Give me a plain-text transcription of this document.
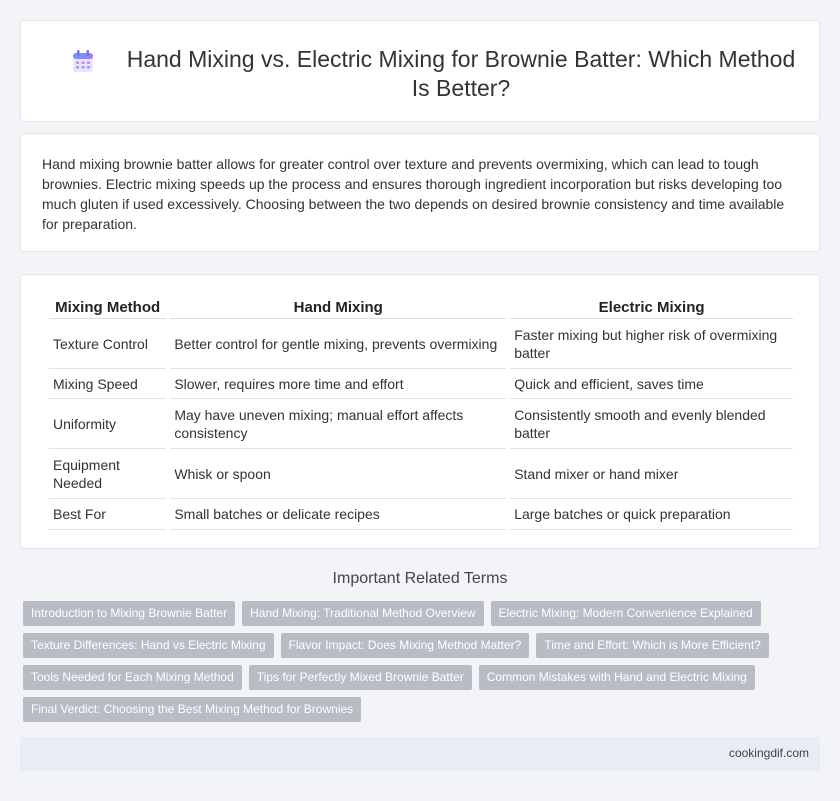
Hand Mixing vs. Electric Mixing for Brownie Batter: Which Method Is Better?

Hand mixing brownie batter allows for greater control over texture and prevents overmixing, which can lead to tough brownies. Electric mixing speeds up the process and ensures thorough ingredient incorporation but risks developing too much gluten if used excessively. Choosing between the two depends on desired brownie consistency and time available for preparation.

Mixing Method	Hand Mixing	Electric Mixing
Texture Control	Better control for gentle mixing, prevents overmixing	Faster mixing but higher risk of overmixing batter
Mixing Speed	Slower, requires more time and effort	Quick and efficient, saves time
Uniformity	May have uneven mixing; manual effort affects consistency	Consistently smooth and evenly blended batter
Equipment Needed	Whisk or spoon	Stand mixer or hand mixer
Best For	Small batches or delicate recipes	Large batches or quick preparation
Important Related Terms
Introduction to Mixing Brownie Batter	Hand Mixing: Traditional Method Overview	Electric Mixing: Modern Convenience Explained
Texture Differences: Hand vs Electric Mixing	Flavor Impact: Does Mixing Method Matter?	Time and Effort: Which is More Efficient?
Tools Needed for Each Mixing Method	Tips for Perfectly Mixed Brownie Batter	Common Mistakes with Hand and Electric Mixing
Final Verdict: Choosing the Best Mixing Method for Brownies
cookingdif.com
